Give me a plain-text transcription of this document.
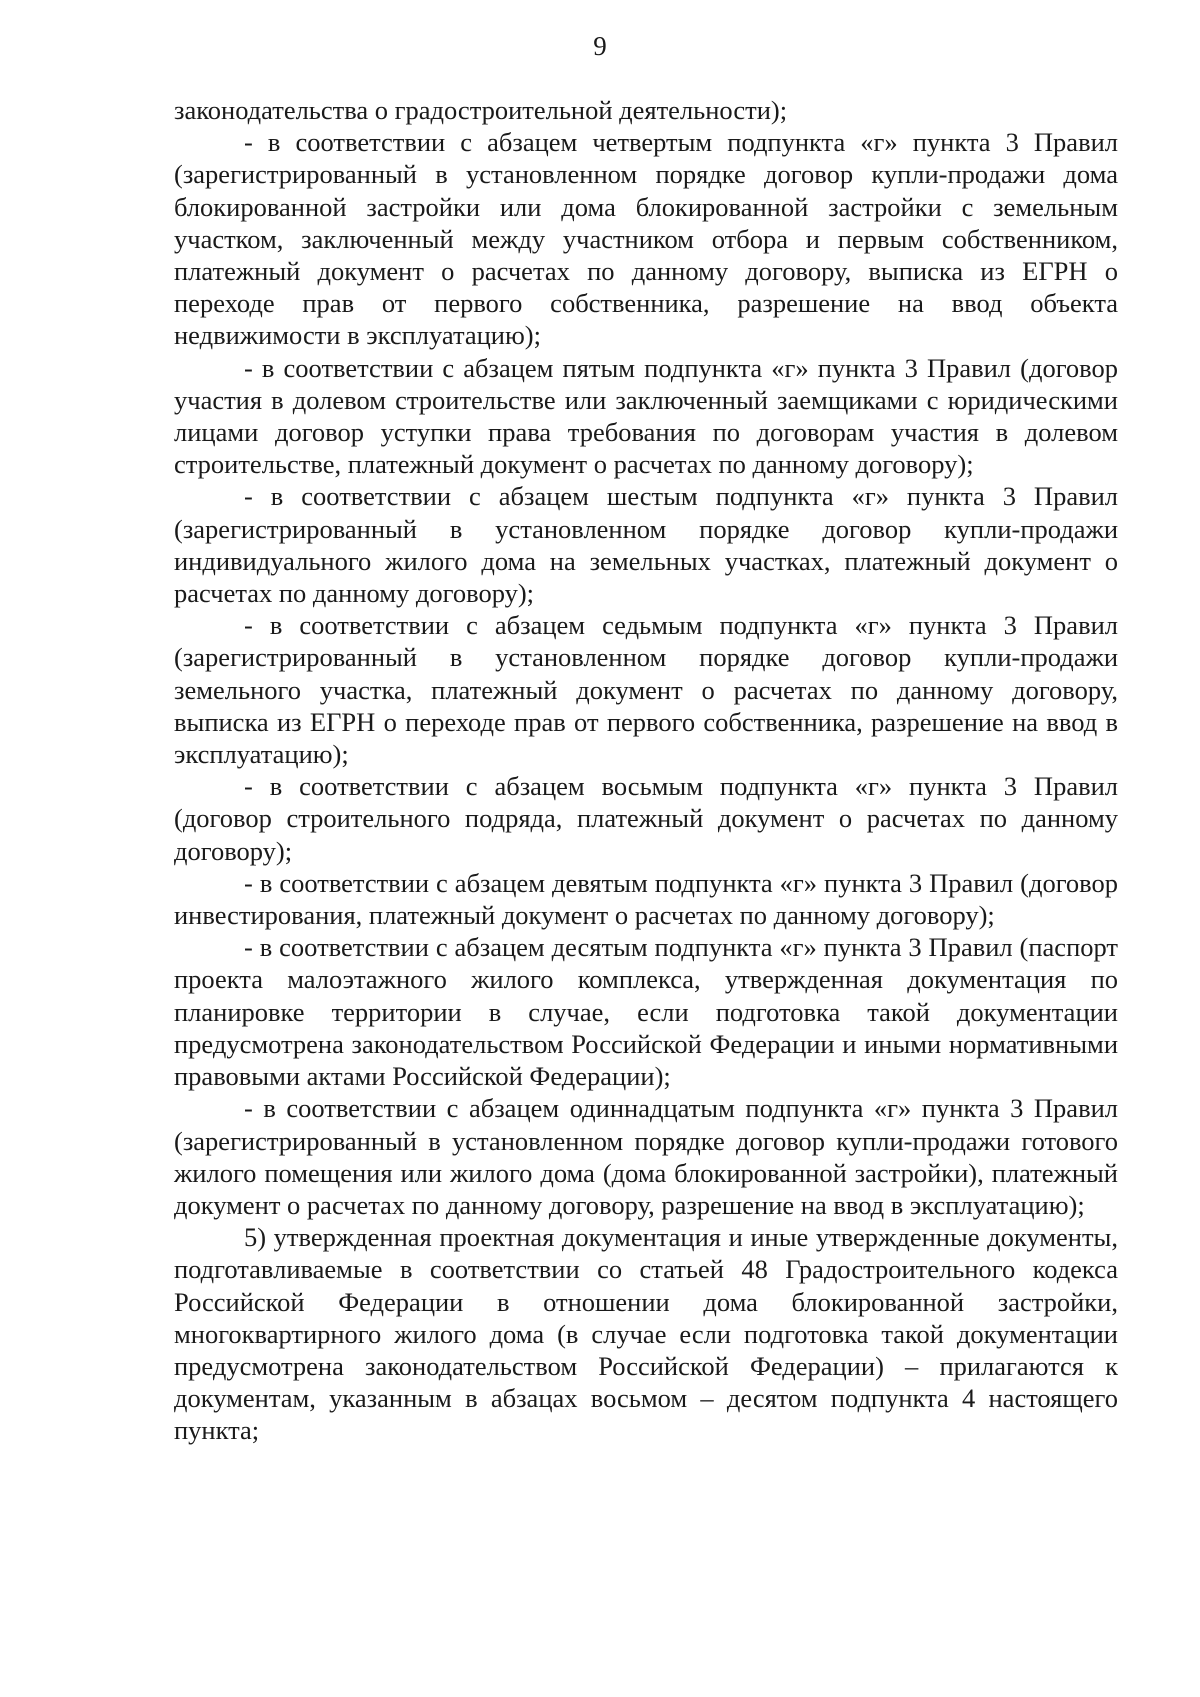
9

законодательства о градостроительной деятельности);

- в соответствии с абзацем четвертым подпункта «г» пункта 3 Правил (зарегистрированный в установленном порядке договор купли-продажи дома блокированной застройки или дома блокированной застройки с земельным участком, заключенный между участником отбора и первым собственником, платежный документ о расчетах по данному договору, выписка из ЕГРН о переходе прав от первого собственника, разрешение на ввод объекта недвижимости в эксплуатацию);

- в соответствии с абзацем пятым подпункта «г» пункта 3 Правил (договор участия в долевом строительстве или заключенный заемщиками с юридическими лицами договор уступки права требования по договорам участия в долевом строительстве, платежный документ о расчетах по данному договору);

- в соответствии с абзацем шестым подпункта «г» пункта 3 Правил (зарегистрированный в установленном порядке договор купли-продажи индивидуального жилого дома на земельных участках, платежный документ о расчетах по данному договору);

- в соответствии с абзацем седьмым подпункта «г» пункта 3 Правил (зарегистрированный в установленном порядке договор купли-продажи земельного участка, платежный документ о расчетах по данному договору, выписка из ЕГРН о переходе прав от первого собственника, разрешение на ввод в эксплуатацию);

- в соответствии с абзацем восьмым подпункта «г» пункта 3 Правил (договор строительного подряда, платежный документ о расчетах по данному договору);

- в соответствии с абзацем девятым подпункта «г» пункта 3 Правил (договор инвестирования, платежный документ о расчетах по данному договору);

- в соответствии с абзацем десятым подпункта «г» пункта 3 Правил (паспорт проекта малоэтажного жилого комплекса, утвержденная документация по планировке территории в случае, если подготовка такой документации предусмотрена законодательством Российской Федерации и иными нормативными правовыми актами Российской Федерации);

- в соответствии с абзацем одиннадцатым подпункта «г» пункта 3 Правил (зарегистрированный в установленном порядке договор купли-продажи готового жилого помещения или жилого дома (дома блокированной застройки), платежный документ о расчетах по данному договору, разрешение на ввод в эксплуатацию);

5) утвержденная проектная документация и иные утвержденные документы, подготавливаемые в соответствии со статьей 48 Градостроительного кодекса Российской Федерации в отношении дома блокированной застройки, многоквартирного жилого дома (в случае если подготовка такой документации предусмотрена законодательством Российской Федерации) – прилагаются к документам, указанным в абзацах восьмом – десятом подпункта 4 настоящего пункта;
